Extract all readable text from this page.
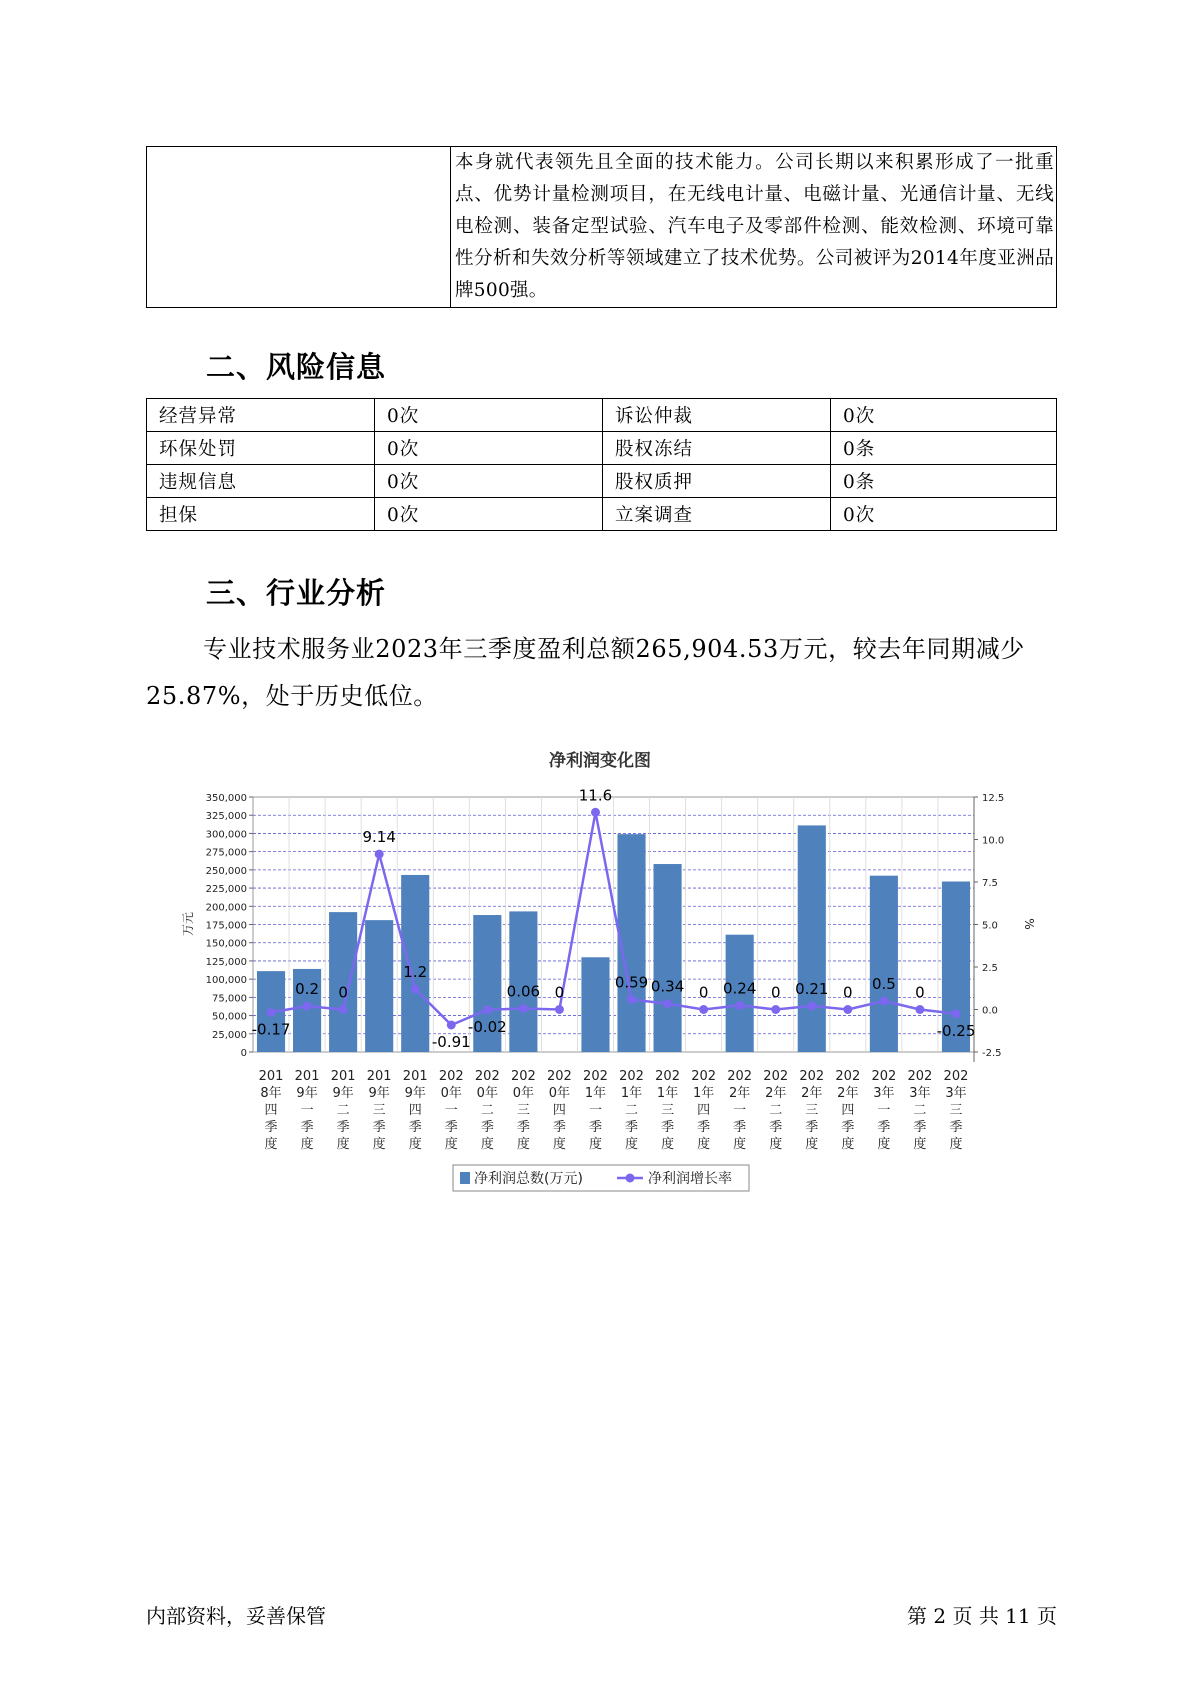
本身就代表领先且全面的技术能力。公司长期以来积累形成了一批重点、优势计量检测项目，在无线电计量、电磁计量、光通信计量、无线电检测、装备定型试验、汽车电子及零部件检测、能效检测、环境可靠性分析和失效分析等领域建立了技术优势。公司被评为2014年度亚洲品牌500强。
二、风险信息
经营异常	0次	诉讼仲裁	0次
环保处罚	0次	股权冻结	0条
违规信息	0次	股权质押	0条
担保	0次	立案调查	0次
三、行业分析
专业技术服务业2023年三季度盈利总额265,904.53万元，较去年同期减少25.87%，处于历史低位。
净利润变化图
0
25,000
50,000
75,000
100,000
125,000
150,000
175,000
200,000
225,000
250,000
275,000
300,000
325,000
350,000
-2.5
0.0
2.5
5.0
7.5
10.0
12.5
万元	%
-0.17
0.2 0
9.14
1.2
-0.91
-0.02
0.06 0
11.6
0.59 0.34 0 0.24 0 0.21 0 0.5 0
-0.25
201 8年四季度
201 9年一季度
201 9年二季度
201 9年三季度
201 9年四季度
202 0年一季度
202 0年二季度
202 0年三季度
202 0年四季度
202 1年一季度
202 1年二季度
202 1年三季度
202 1年四季度
202 2年一季度
202 2年二季度
202 2年三季度
202 2年四季度
202 3年一季度
202 3年二季度
202 3年三季度
净利润总数(万元)	净利润增长率
内部资料，妥善保管	第 2 页 共 11 页
